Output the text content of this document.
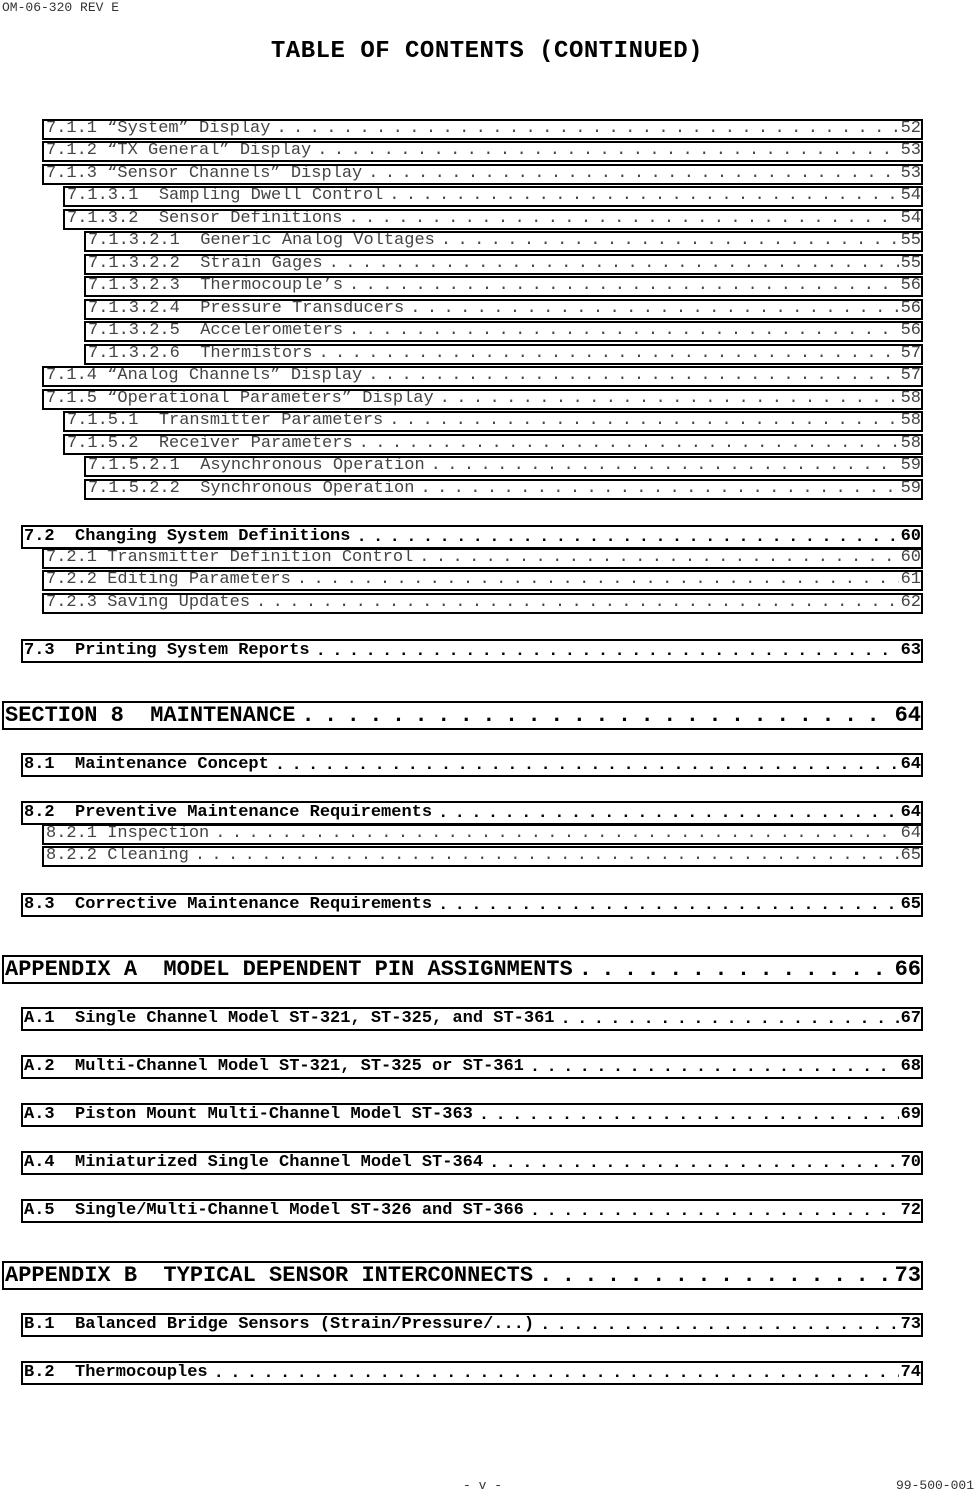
OM-06-320 REV E
TABLE OF CONTENTS (CONTINUED)
7.1.1 “System” Display . . .	52
7.1.2 “TX General” Display . . .	53
7.1.3 “Sensor Channels” Display . . .	53
7.1.3.1 Sampling Dwell Control . . .	54
7.1.3.2 Sensor Definitions . . .	54
7.1.3.2.1 Generic Analog Voltages . . .	55
7.1.3.2.2 Strain Gages . . .	55
7.1.3.2.3 Thermocouple’s . . .	56
7.1.3.2.4 Pressure Transducers . . .	56
7.1.3.2.5 Accelerometers . . .	56
7.1.3.2.6 Thermistors . . .	57
7.1.4 “Analog Channels” Display . . .	57
7.1.5 “Operational Parameters” Display . . .	58
7.1.5.1 Transmitter Parameters . . .	58
7.1.5.2 Receiver Parameters . . .	58
7.1.5.2.1 Asynchronous Operation . . .	59
7.1.5.2.2 Synchronous Operation . . .	59
7.2 Changing System Definitions . . .	60
7.2.1 Transmitter Definition Control . . .	60
7.2.2 Editing Parameters . . .	61
7.2.3 Saving Updates . . .	62
7.3 Printing System Reports . . .	63
SECTION 8 MAINTENANCE . . .	64
8.1 Maintenance Concept . . .	64
8.2 Preventive Maintenance Requirements . . .	64
8.2.1 Inspection . . .	64
8.2.2 Cleaning . . .	65
8.3 Corrective Maintenance Requirements . . .	65
APPENDIX A MODEL DEPENDENT PIN ASSIGNMENTS . . .	66
A.1 Single Channel Model ST-321, ST-325, and ST-361 . . .	67
A.2 Multi-Channel Model ST-321, ST-325 or ST-361 . . .	68
A.3 Piston Mount Multi-Channel Model ST-363 . . .	69
A.4 Miniaturized Single Channel Model ST-364 . . .	70
A.5 Single/Multi-Channel Model ST-326 and ST-366 . . .	72
APPENDIX B TYPICAL SENSOR INTERCONNECTS . . .	73
B.1 Balanced Bridge Sensors (Strain/Pressure/...) . . .	73
B.2 Thermocouples . . .	74
- v -	99-500-001
